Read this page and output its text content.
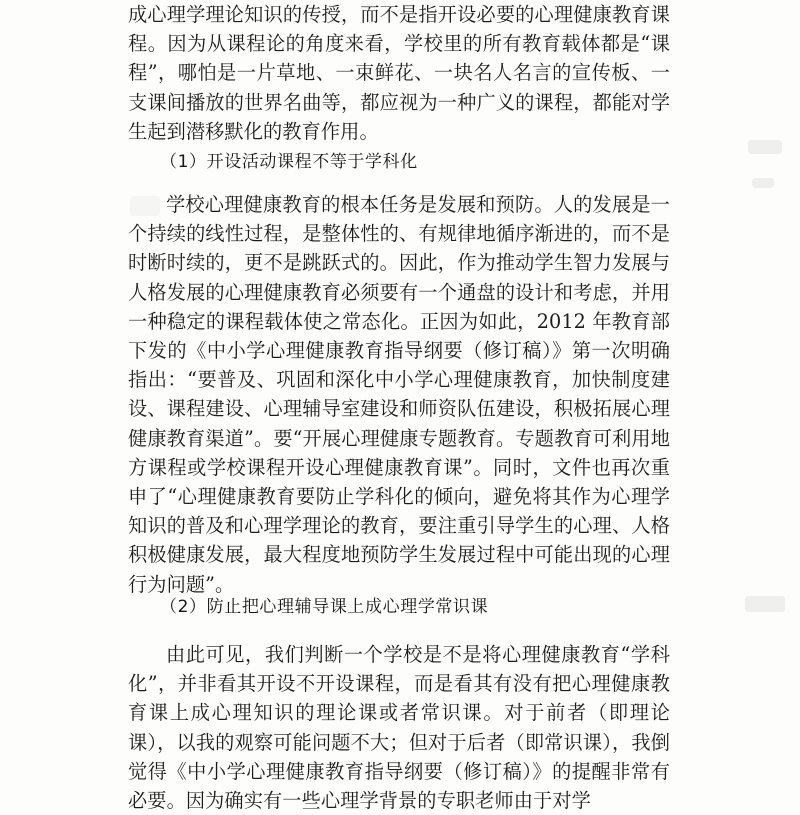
成心理学理论知识的传授，而不是指开设必要的心理健康教育课程。因为从课程论的角度来看，学校里的所有教育载体都是“课程”，哪怕是一片草地、一束鲜花、一块名人名言的宣传板、一支课间播放的世界名曲等，都应视为一种广义的课程，都能对学生起到潜移默化的教育作用。

（1）开设活动课程不等于学科化

学校心理健康教育的根本任务是发展和预防。人的发展是一个持续的线性过程，是整体性的、有规律地循序渐进的，而不是时断时续的，更不是跳跃式的。因此，作为推动学生智力发展与人格发展的心理健康教育必须要有一个通盘的设计和考虑，并用一种稳定的课程载体使之常态化。正因为如此，2012 年教育部下发的《中小学心理健康教育指导纲要（修订稿）》第一次明确指出：“要普及、巩固和深化中小学心理健康教育，加快制度建设、课程建设、心理辅导室建设和师资队伍建设，积极拓展心理健康教育渠道”。要“开展心理健康专题教育。专题教育可利用地方课程或学校课程开设心理健康教育课”。同时，文件也再次重申了“心理健康教育要防止学科化的倾向，避免将其作为心理学知识的普及和心理学理论的教育，要注重引导学生的心理、人格积极健康发展，最大程度地预防学生发展过程中可能出现的心理行为问题”。

（2）防止把心理辅导课上成心理学常识课

由此可见，我们判断一个学校是不是将心理健康教育“学科化”，并非看其开设不开设课程，而是看其有没有把心理健康教育课上成心理知识的理论课或者常识课。对于前者（即理论课），以我的观察可能问题不大；但对于后者（即常识课），我倒觉得《中小学心理健康教育指导纲要（修订稿）》的提醒非常有必要。因为确实有一些心理学背景的专职老师由于对学
